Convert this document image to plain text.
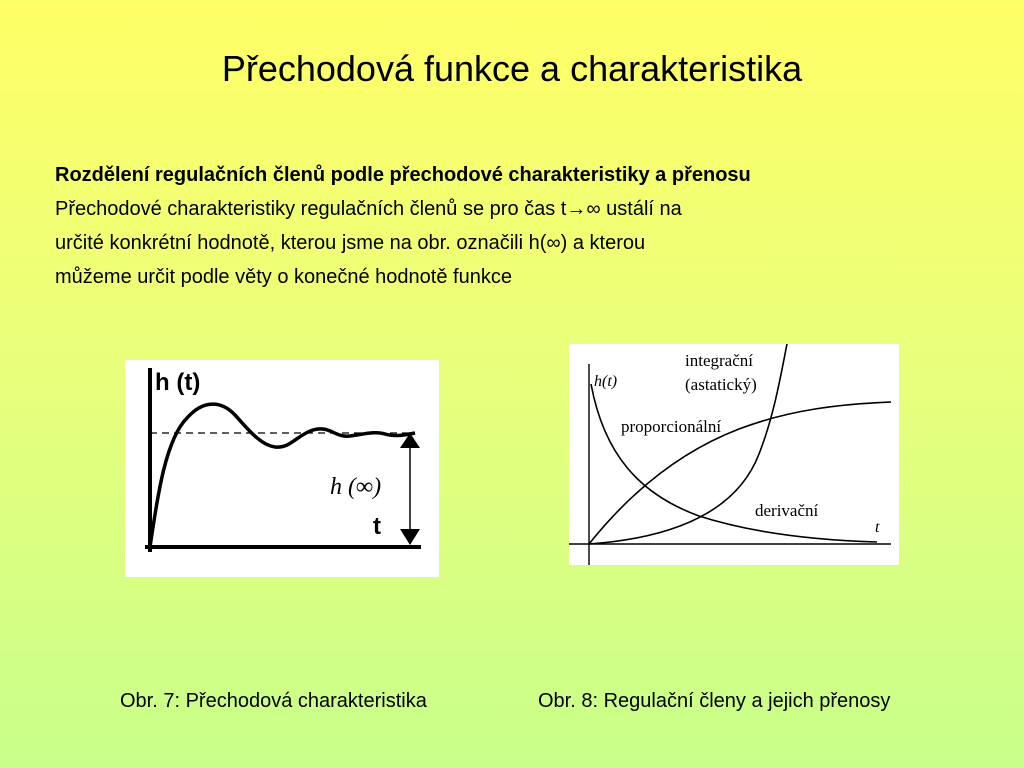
Přechodová funkce a charakteristika
Rozdělení regulačních členů podle přechodové charakteristiky a přenosu
Přechodové charakteristiky regulačních členů se pro čas t→∞ ustálí na
určité konkrétní hodnotě, kterou jsme na obr. označili h(∞) a kterou
můžeme určit podle věty o konečné hodnotě funkce
h (t)
h (∞)
t
h(t)
t
integrační
(astatický)
proporcionální
derivační
Obr. 7: Přechodová charakteristika	Obr. 8: Regulační členy a jejich přenosy
